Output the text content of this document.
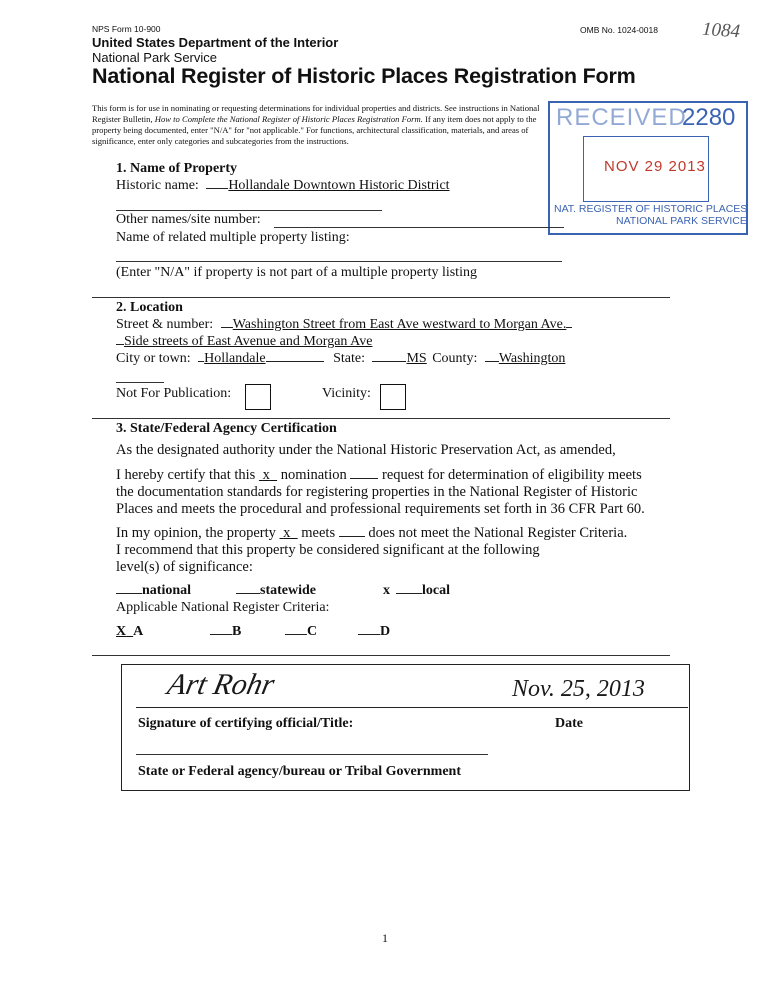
NPS Form 10-900	OMB No. 1024-0018 1084
United States Department of the Interior
National Park Service
National Register of Historic Places Registration Form
This form is for use in nominating or requesting determinations for individual properties and districts. See instructions in National Register Bulletin, How to Complete the National Register of Historic Places Registration Form. If any item does not apply to the property being documented, enter "N/A" for "not applicable." For functions, architectural classification, materials, and areas of significance, enter only categories and subcategories from the instructions.
RECEIVED
2280
NOV 29 2013
NAT. REGISTER OF HISTORIC PLACES
NATIONAL PARK SERVICE
1. Name of Property
Historic name: Hollandale Downtown Historic District
Other names/site number:
Name of related multiple property listing:
(Enter "N/A" if property is not part of a multiple property listing
2. Location
Street & number: Washington Street from East Ave westward to Morgan Ave.
Side streets of East Avenue and Morgan Ave
City or town: Hollandale	State:	MS County: Washington
Not For Publication:	Vicinity:
3. State/Federal Agency Certification
As the designated authority under the National Historic Preservation Act, as amended,
I hereby certify that this  x   nomination  request for determination of eligibility meets
the documentation standards for registering properties in the National Register of Historic
Places and meets the procedural and professional requirements set forth in 36 CFR Part 60.
In my opinion, the property  x   meets  does not meet the National Register Criteria.
I recommend that this property be considered significant at the following
level(s) of significance:
national	statewide	x local
Applicable National Register Criteria:
X A	B	C	D
Art Rohr	Nov. 25, 2013
Signature of certifying official/Title:	Date
State or Federal agency/bureau or Tribal Government
1
